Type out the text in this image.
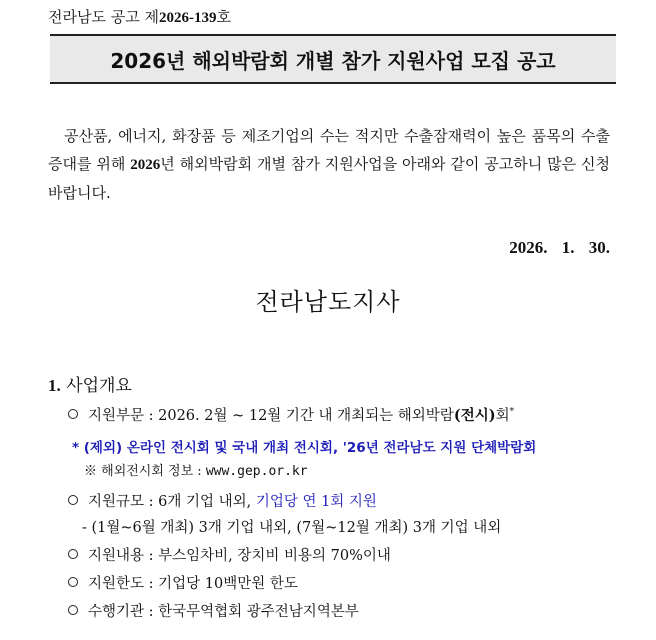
전라남도 공고 제2026-139호
2026년 해외박람회 개별 참가 지원사업 모집 공고
공산품, 에너지, 화장품 등 제조기업의 수는 적지만 수출잠재력이 높은 품목의 수출증대를 위해 2026년 해외박람회 개별 참가 지원사업을 아래와 같이 공고하니 많은 신청 바랍니다.
2026. 1. 30.
전라남도지사
1. 사업개요
지원부문 : 2026. 2월 ~ 12월 기간 내 개최되는 해외박람(전시)회*
* (제외) 온라인 전시회 및 국내 개최 전시회, '26년 전라남도 지원 단체박람회
※ 해외전시회 정보 : www.gep.or.kr
지원규모 : 6개 기업 내외, 기업당 연 1회 지원
- (1월~6월 개최) 3개 기업 내외, (7월~12월 개최) 3개 기업 내외
지원내용 : 부스임차비, 장치비 비용의 70%이내
지원한도 : 기업당 10백만원 한도
수행기관 : 한국무역협회 광주전남지역본부
